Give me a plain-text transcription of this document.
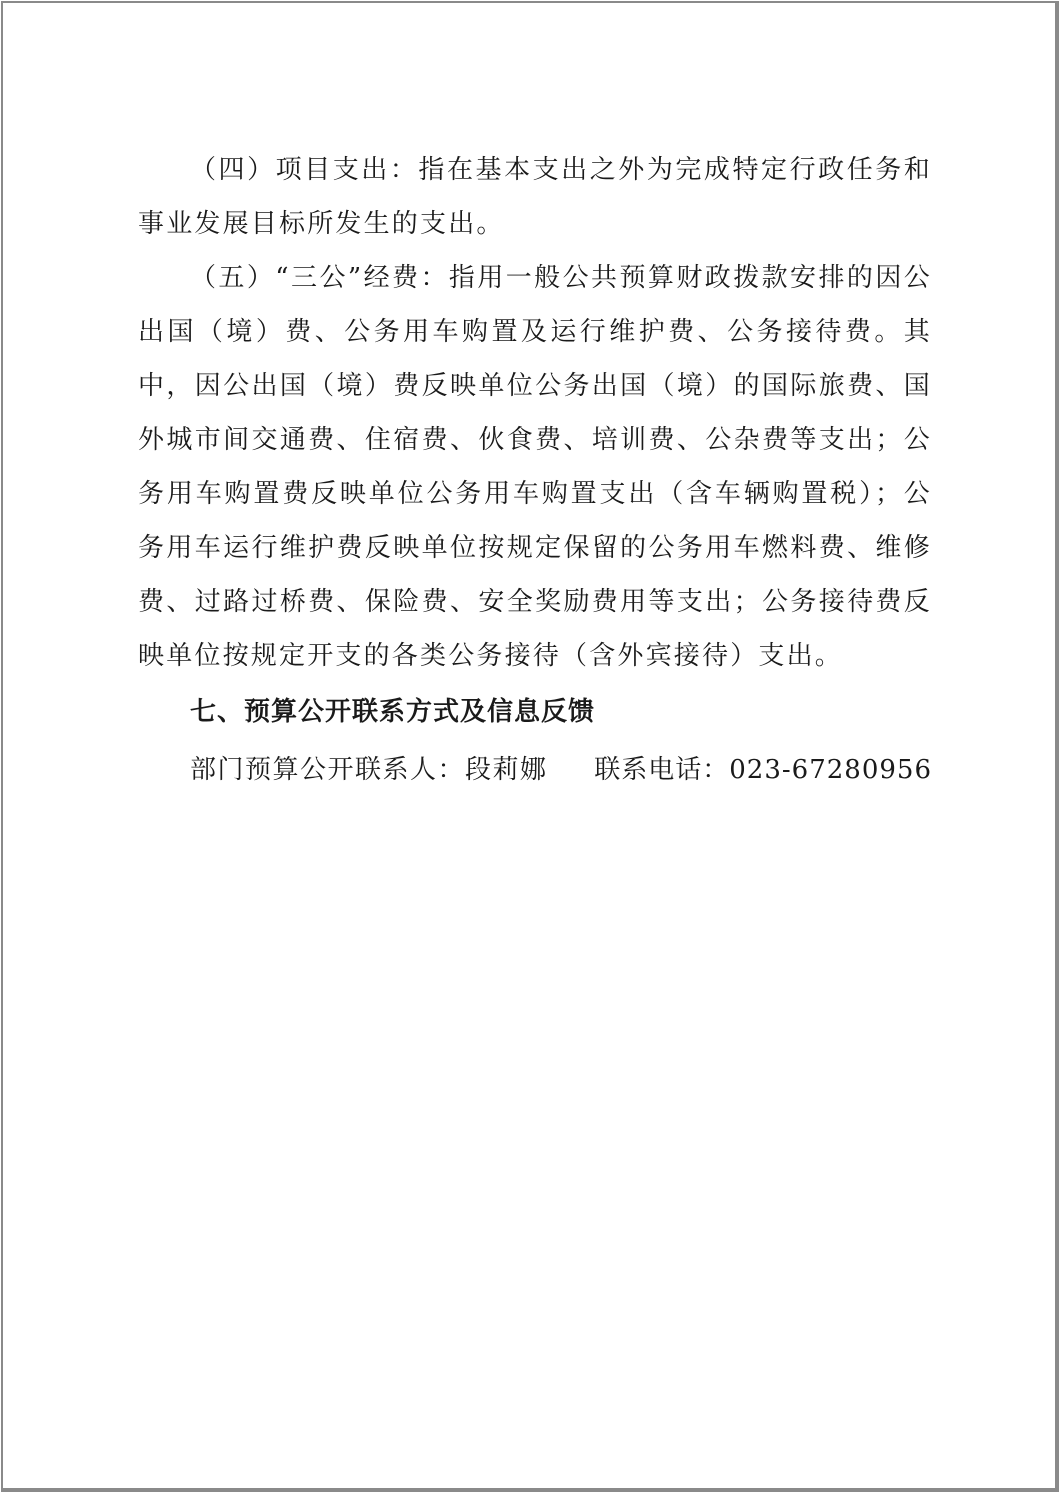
（四）项目支出：指在基本支出之外为完成特定行政任务和事业发展目标所发生的支出。

（五）“三公”经费：指用一般公共预算财政拨款安排的因公出国（境）费、公务用车购置及运行维护费、公务接待费。其中，因公出国（境）费反映单位公务出国（境）的国际旅费、国外城市间交通费、住宿费、伙食费、培训费、公杂费等支出；公务用车购置费反映单位公务用车购置支出（含车辆购置税）；公务用车运行维护费反映单位按规定保留的公务用车燃料费、维修费、过路过桥费、保险费、安全奖励费用等支出；公务接待费反映单位按规定开支的各类公务接待（含外宾接待）支出。

七、预算公开联系方式及信息反馈

部门预算公开联系人：段莉娜 联系电话：023-67280956
